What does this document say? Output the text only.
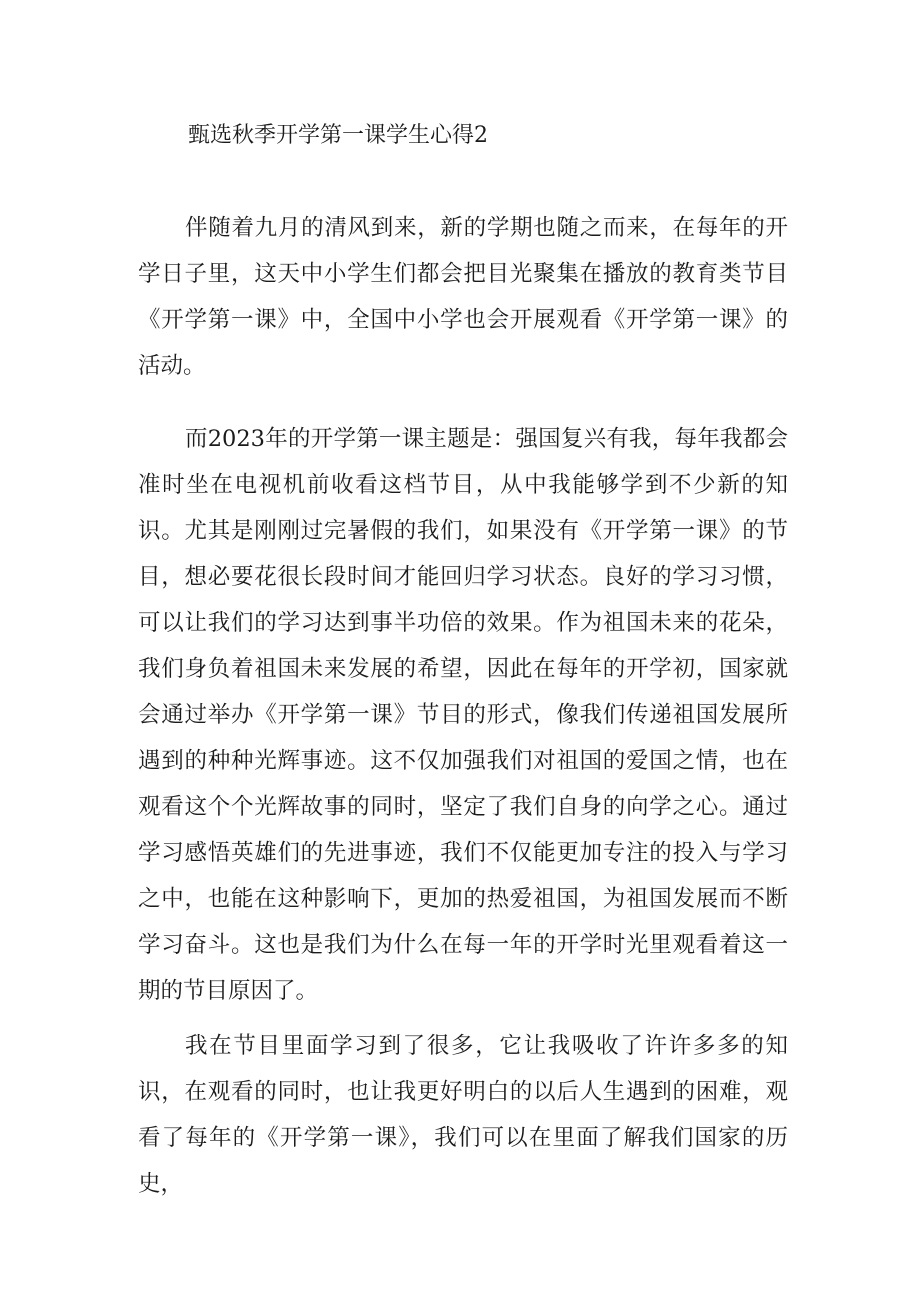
甄选秋季开学第一课学生心得2

伴随着九月的清风到来，新的学期也随之而来，在每年的开学日子里，这天中小学生们都会把目光聚集在播放的教育类节目《开学第一课》中，全国中小学也会开展观看《开学第一课》的活动。

而2023年的开学第一课主题是：强国复兴有我，每年我都会准时坐在电视机前收看这档节目，从中我能够学到不少新的知识。尤其是刚刚过完暑假的我们，如果没有《开学第一课》的节目，想必要花很长段时间才能回归学习状态。良好的学习习惯，可以让我们的学习达到事半功倍的效果。作为祖国未来的花朵，我们身负着祖国未来发展的希望，因此在每年的开学初，国家就会通过举办《开学第一课》节目的形式，像我们传递祖国发展所遇到的种种光辉事迹。这不仅加强我们对祖国的爱国之情，也在观看这个个光辉故事的同时，坚定了我们自身的向学之心。通过学习感悟英雄们的先进事迹，我们不仅能更加专注的投入与学习之中，也能在这种影响下，更加的热爱祖国，为祖国发展而不断学习奋斗。这也是我们为什么在每一年的开学时光里观看着这一期的节目原因了。

我在节目里面学习到了很多，它让我吸收了许许多多的知识，在观看的同时，也让我更好明白的以后人生遇到的困难，观看了每年的《开学第一课》，我们可以在里面了解我们国家的历史，
